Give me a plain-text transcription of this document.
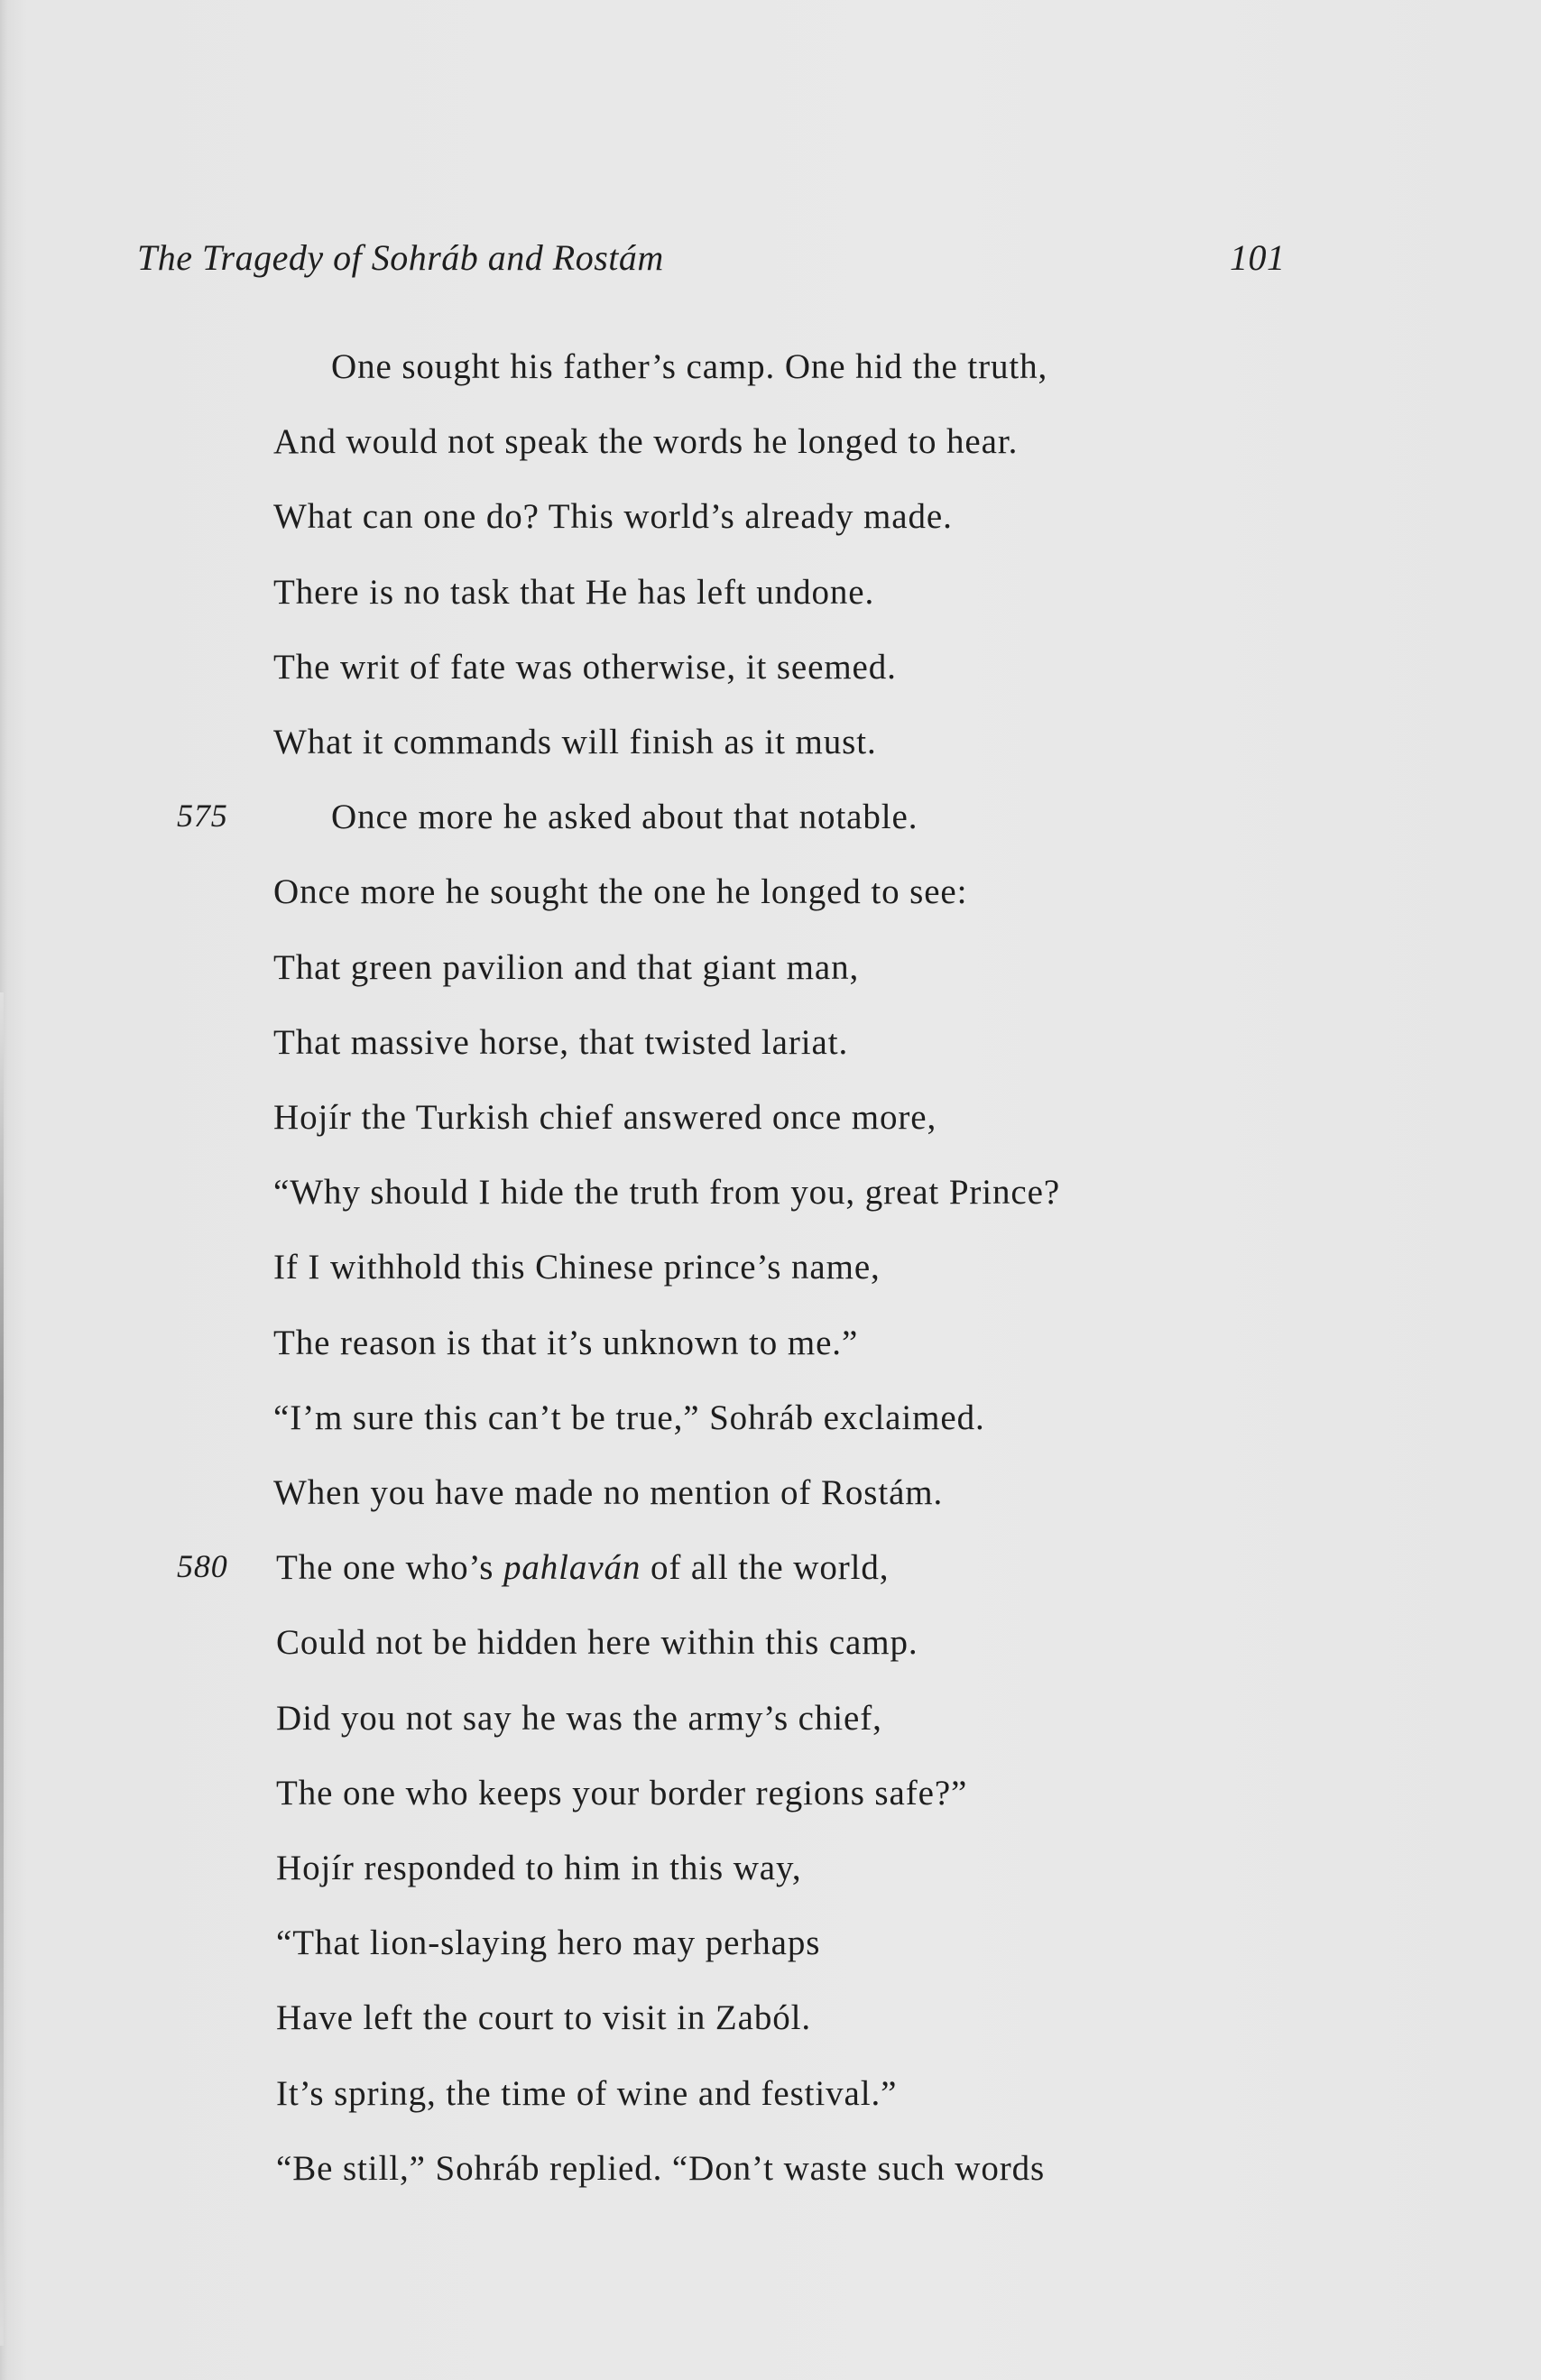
The Tragedy of Sohráb and Rostám	101
One sought his father’s camp. One hid the truth,
And would not speak the words he longed to hear.
What can one do? This world’s already made.
There is no task that He has left undone.
The writ of fate was otherwise, it seemed.
What it commands will finish as it must.
575	Once more he asked about that notable.
Once more he sought the one he longed to see:
That green pavilion and that giant man,
That massive horse, that twisted lariat.
Hojír the Turkish chief answered once more,
“Why should I hide the truth from you, great Prince?
If I withhold this Chinese prince’s name,
The reason is that it’s unknown to me.”
“I’m sure this can’t be true,” Sohráb exclaimed.
When you have made no mention of Rostám.
580 The one who’s pahlaván of all the world,
Could not be hidden here within this camp.
Did you not say he was the army’s chief,
The one who keeps your border regions safe?”
Hojír responded to him in this way,
“That lion-slaying hero may perhaps
Have left the court to visit in Zaból.
It’s spring, the time of wine and festival.”
“Be still,” Sohráb replied. “Don’t waste such words
